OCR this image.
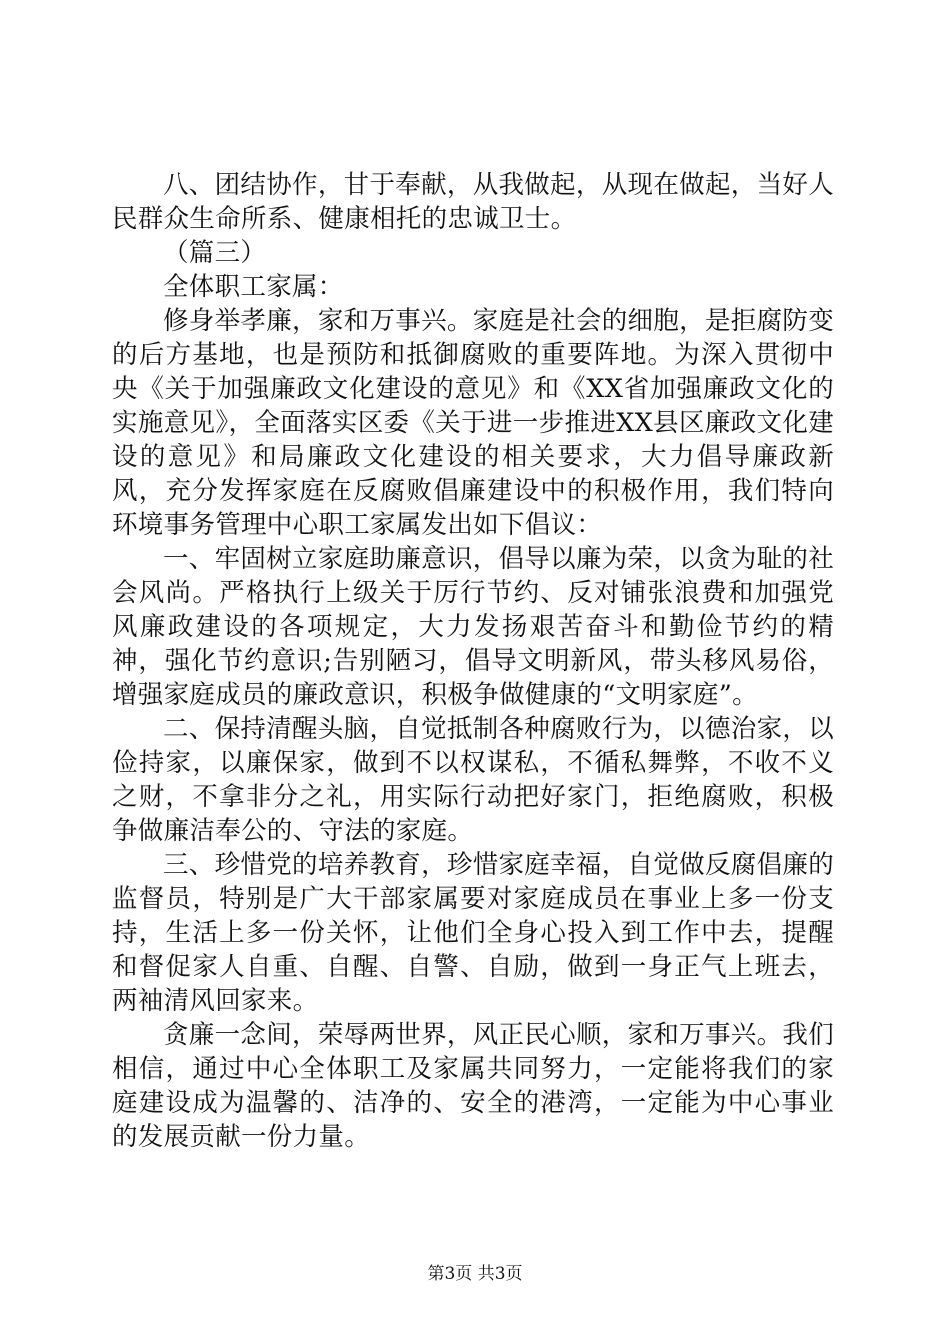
八、团结协作，甘于奉献，从我做起，从现在做起，当好人民群众生命所系、健康相托的忠诚卫士。

（篇三）

全体职工家属：

修身举孝廉，家和万事兴。家庭是社会的细胞，是拒腐防变的后方基地，也是预防和抵御腐败的重要阵地。为深入贯彻中央《关于加强廉政文化建设的意见》和《XX省加强廉政文化的实施意见》，全面落实区委《关于进一步推进XX县区廉政文化建设的意见》和局廉政文化建设的相关要求，大力倡导廉政新风，充分发挥家庭在反腐败倡廉建设中的积极作用，我们特向环境事务管理中心职工家属发出如下倡议：

一、牢固树立家庭助廉意识，倡导以廉为荣，以贪为耻的社会风尚。严格执行上级关于厉行节约、反对铺张浪费和加强党风廉政建设的各项规定，大力发扬艰苦奋斗和勤俭节约的精神，强化节约意识;告别陋习，倡导文明新风，带头移风易俗，增强家庭成员的廉政意识，积极争做健康的“文明家庭”。

二、保持清醒头脑，自觉抵制各种腐败行为，以德治家，以俭持家，以廉保家，做到不以权谋私，不循私舞弊，不收不义之财，不拿非分之礼，用实际行动把好家门，拒绝腐败，积极争做廉洁奉公的、守法的家庭。

三、珍惜党的培养教育，珍惜家庭幸福，自觉做反腐倡廉的监督员，特别是广大干部家属要对家庭成员在事业上多一份支持，生活上多一份关怀，让他们全身心投入到工作中去，提醒和督促家人自重、自醒、自警、自励，做到一身正气上班去，两袖清风回家来。

贪廉一念间，荣辱两世界，风正民心顺，家和万事兴。我们相信，通过中心全体职工及家属共同努力，一定能将我们的家庭建设成为温馨的、洁净的、安全的港湾，一定能为中心事业的发展贡献一份力量。

第3页 共3页
